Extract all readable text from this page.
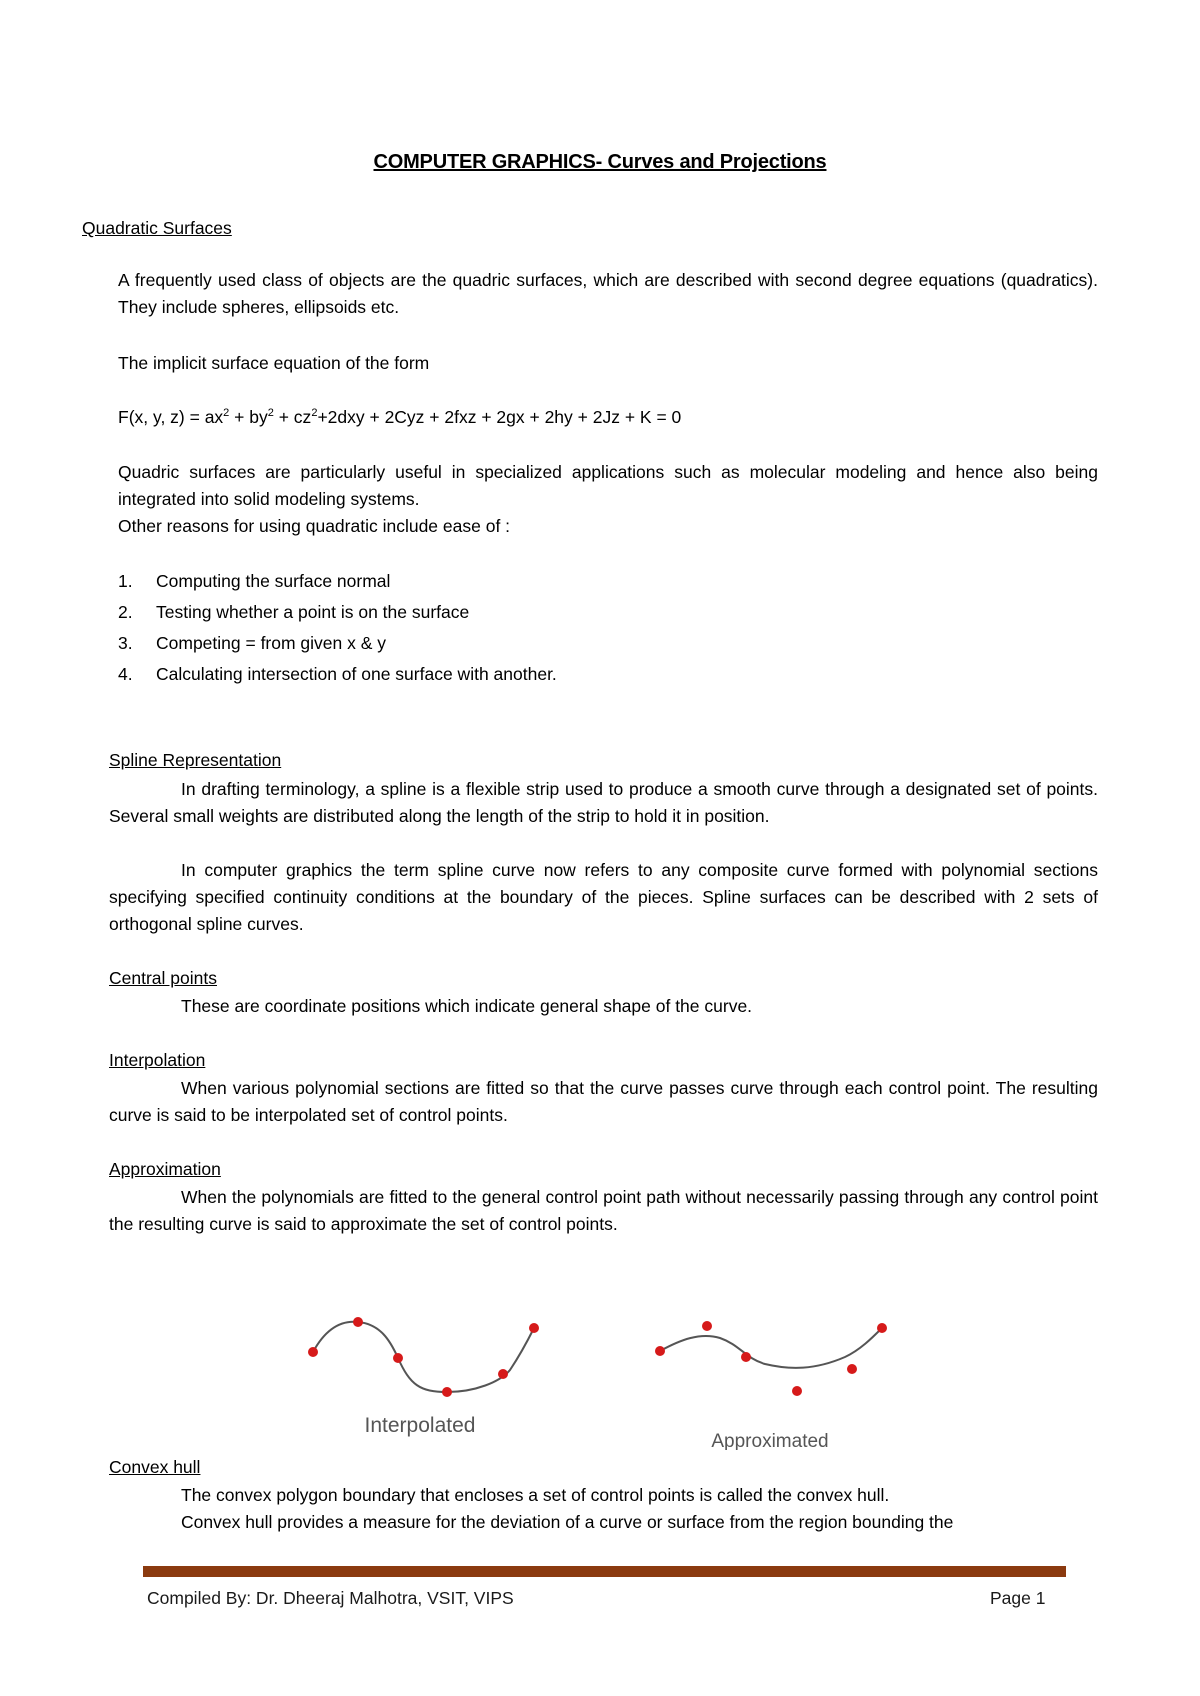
COMPUTER GRAPHICS- Curves and Projections
Quadratic Surfaces
A frequently used class of objects are the quadric surfaces, which are described with second degree equations (quadratics). They include spheres, ellipsoids etc.
The implicit surface equation of the form
F(x, y, $z) = ax^2 + by^2 + cz^2+2dxy + 2Cyz + 2fxz + 2gx + 2hy + 2Jz + K = 0$
Quadric surfaces are particularly useful in specialized applications such as molecular modeling and hence also being integrated into solid modeling systems.
Other reasons for using quadratic include ease of :
1. Computing the surface normal
2. Testing whether a point is on the surface
3. Competing = from given x & y
4. Calculating intersection of one surface with another.
Spline Representation
In drafting terminology, a spline is a flexible strip used to produce a smooth curve through a designated set of points. Several small weights are distributed along the length of the strip to hold it in position.
In computer graphics the term spline curve now refers to any composite curve formed with polynomial sections specifying specified continuity conditions at the boundary of the pieces. Spline surfaces can be described with 2 sets of orthogonal spline curves.
Central points
These are coordinate positions which indicate general shape of the curve.
Interpolation
When various polynomial sections are fitted so that the curve passes curve through each control point. The resulting curve is said to be interpolated set of control points.
Approximation
When the polynomials are fitted to the general control point path without necessarily passing through any control point the resulting curve is said to approximate the set of control points.
Interpolated
Approximated
Convex hull
The convex polygon boundary that encloses a set of control points is called the convex hull.
Convex hull provides a measure for the deviation of a curve or surface from the region bounding the
Compiled By: Dr. Dheeraj Malhotra, VSIT, VIPS	Page 1
